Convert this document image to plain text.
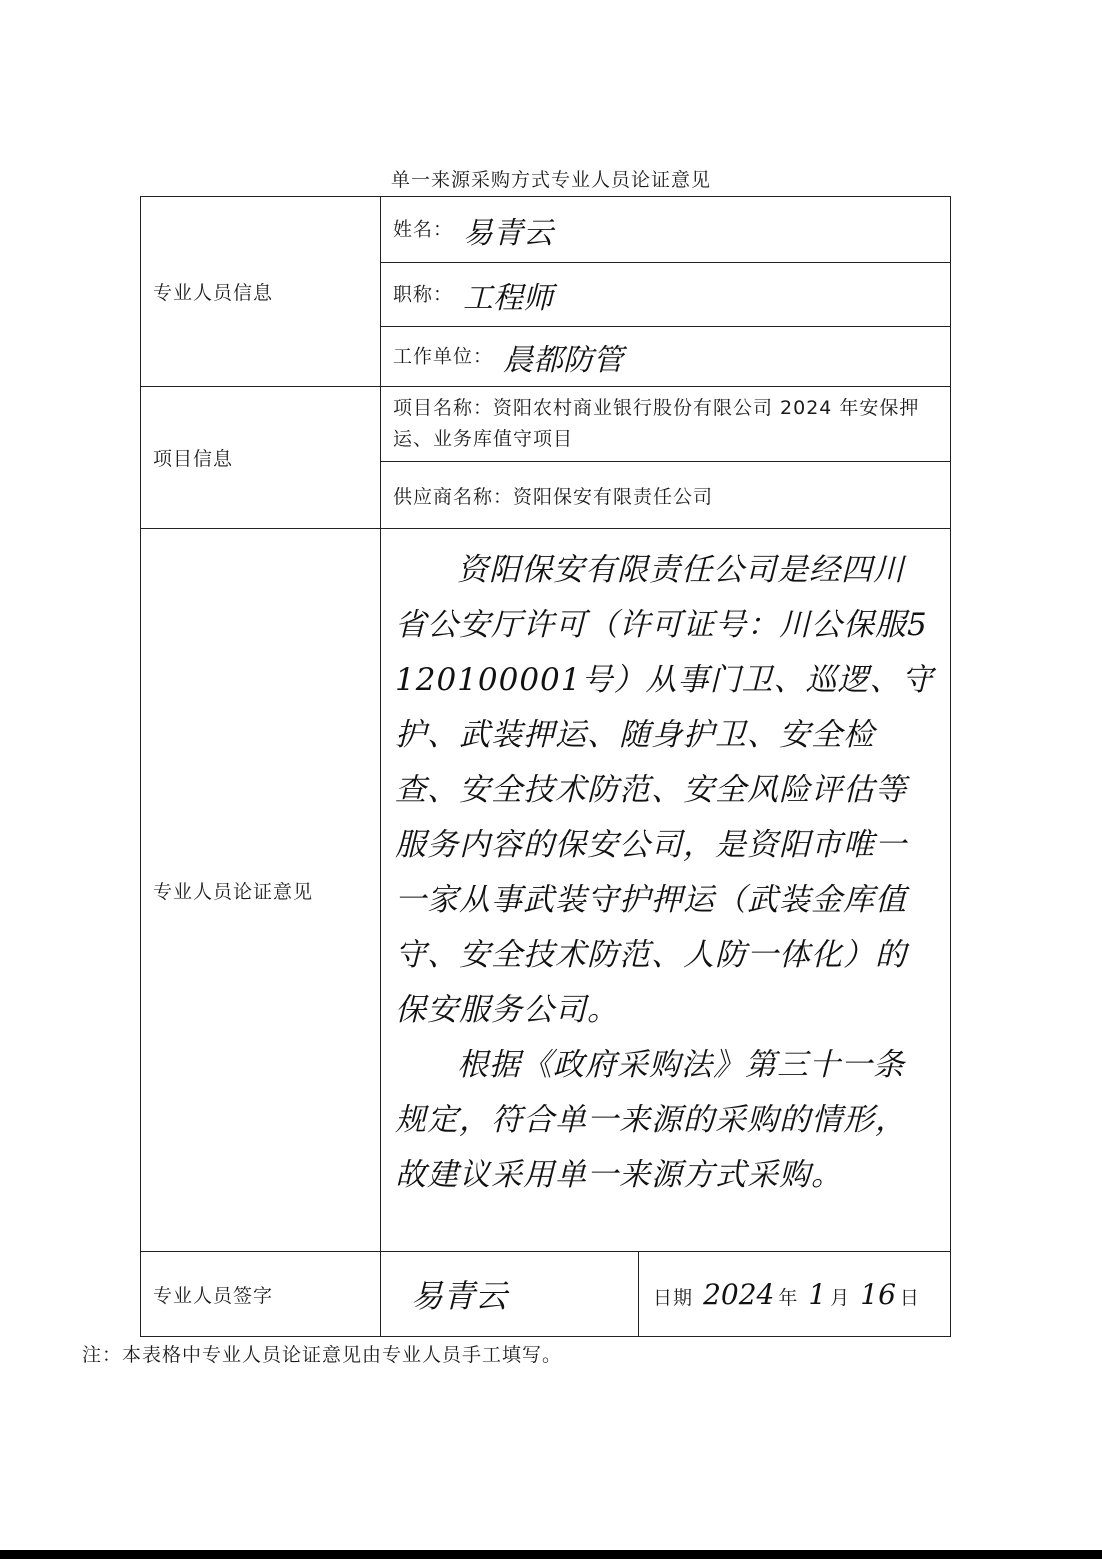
单一来源采购方式专业人员论证意见
专业人员信息	姓名： 易青云	
	职称： 工程师	
	工作单位： 晨都防管	
项目信息	项目名称：资阳农村商业银行股份有限公司 2024 年安保押运、业务库值守项目	
	供应商名称：资阳保安有限责任公司	
专业人员论证意见	资阳保安有限责任公司是经四川省公安厅许可（许可证号：川公保服5120100001号）从事门卫、巡逻、守护、武装押运、随身护卫、安全检查、安全技术防范、安全风险评估等服务内容的保安公司，是资阳市唯一一家从事武装守护押运（武装金库值守、安全技术防范、人防一体化）的保安服务公司。

根据《政府采购法》第三十一条规定，符合单一来源的采购的情形，故建议采用单一来源方式采购。	

专业人员签字	易青云	日期 2024 年 1 月 16 日
注：本表格中专业人员论证意见由专业人员手工填写。
